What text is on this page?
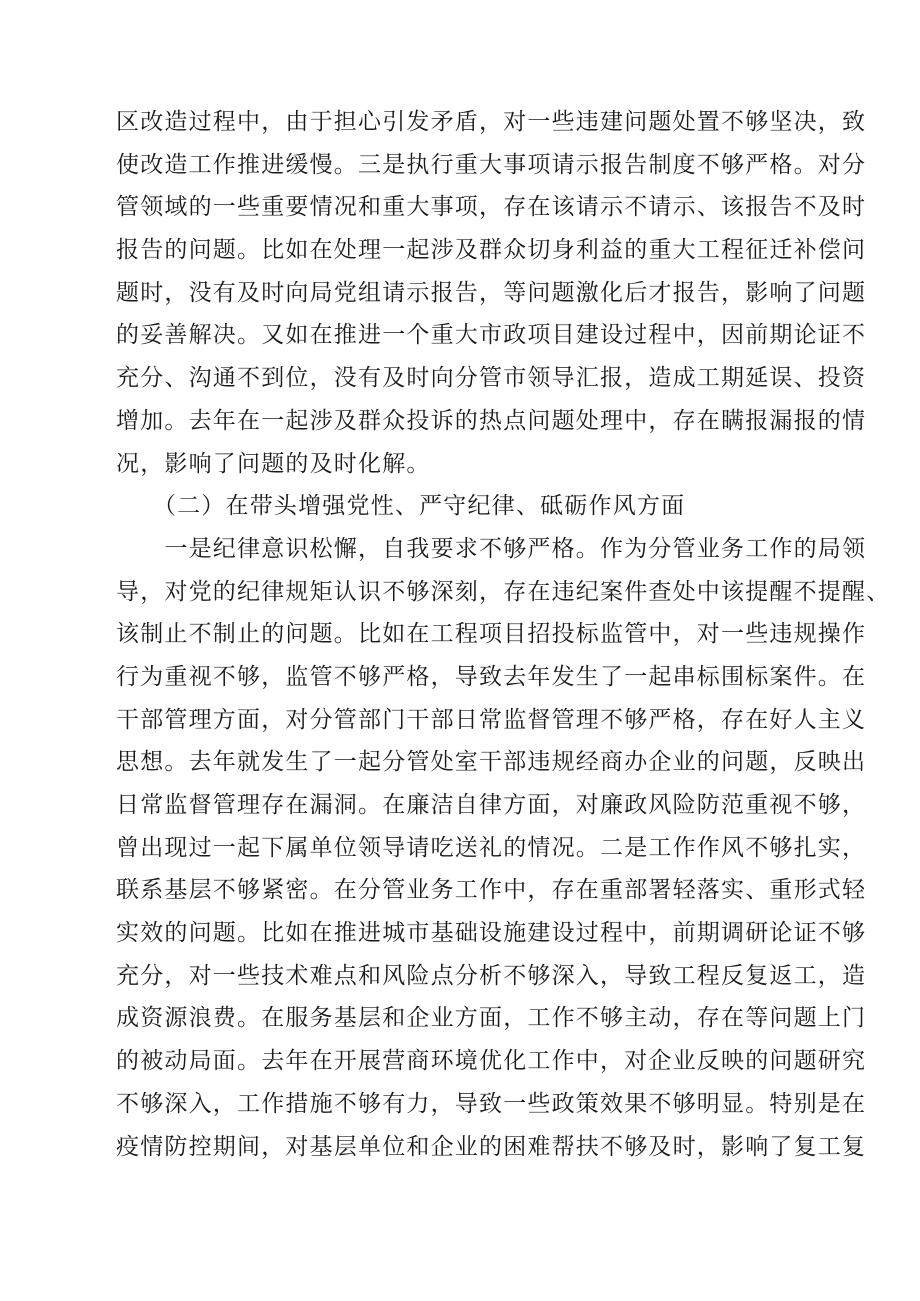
区改造过程中，由于担心引发矛盾，对一些违建问题处置不够坚决，致
使改造工作推进缓慢。三是执行重大事项请示报告制度不够严格。对分
管领域的一些重要情况和重大事项，存在该请示不请示、该报告不及时
报告的问题。比如在处理一起涉及群众切身利益的重大工程征迁补偿问
题时，没有及时向局党组请示报告，等问题激化后才报告，影响了问题
的妥善解决。又如在推进一个重大市政项目建设过程中，因前期论证不
充分、沟通不到位，没有及时向分管市领导汇报，造成工期延误、投资
增加。去年在一起涉及群众投诉的热点问题处理中，存在瞒报漏报的情
况，影响了问题的及时化解。
　　（二）在带头增强党性、严守纪律、砥砺作风方面
　　一是纪律意识松懈，自我要求不够严格。作为分管业务工作的局领
导，对党的纪律规矩认识不够深刻，存在违纪案件查处中该提醒不提醒、
该制止不制止的问题。比如在工程项目招投标监管中，对一些违规操作
行为重视不够，监管不够严格，导致去年发生了一起串标围标案件。在
干部管理方面，对分管部门干部日常监督管理不够严格，存在好人主义
思想。去年就发生了一起分管处室干部违规经商办企业的问题，反映出
日常监督管理存在漏洞。在廉洁自律方面，对廉政风险防范重视不够，
曾出现过一起下属单位领导请吃送礼的情况。二是工作作风不够扎实，
联系基层不够紧密。在分管业务工作中，存在重部署轻落实、重形式轻
实效的问题。比如在推进城市基础设施建设过程中，前期调研论证不够
充分，对一些技术难点和风险点分析不够深入，导致工程反复返工，造
成资源浪费。在服务基层和企业方面，工作不够主动，存在等问题上门
的被动局面。去年在开展营商环境优化工作中，对企业反映的问题研究
不够深入，工作措施不够有力，导致一些政策效果不够明显。特别是在
疫情防控期间，对基层单位和企业的困难帮扶不够及时，影响了复工复
